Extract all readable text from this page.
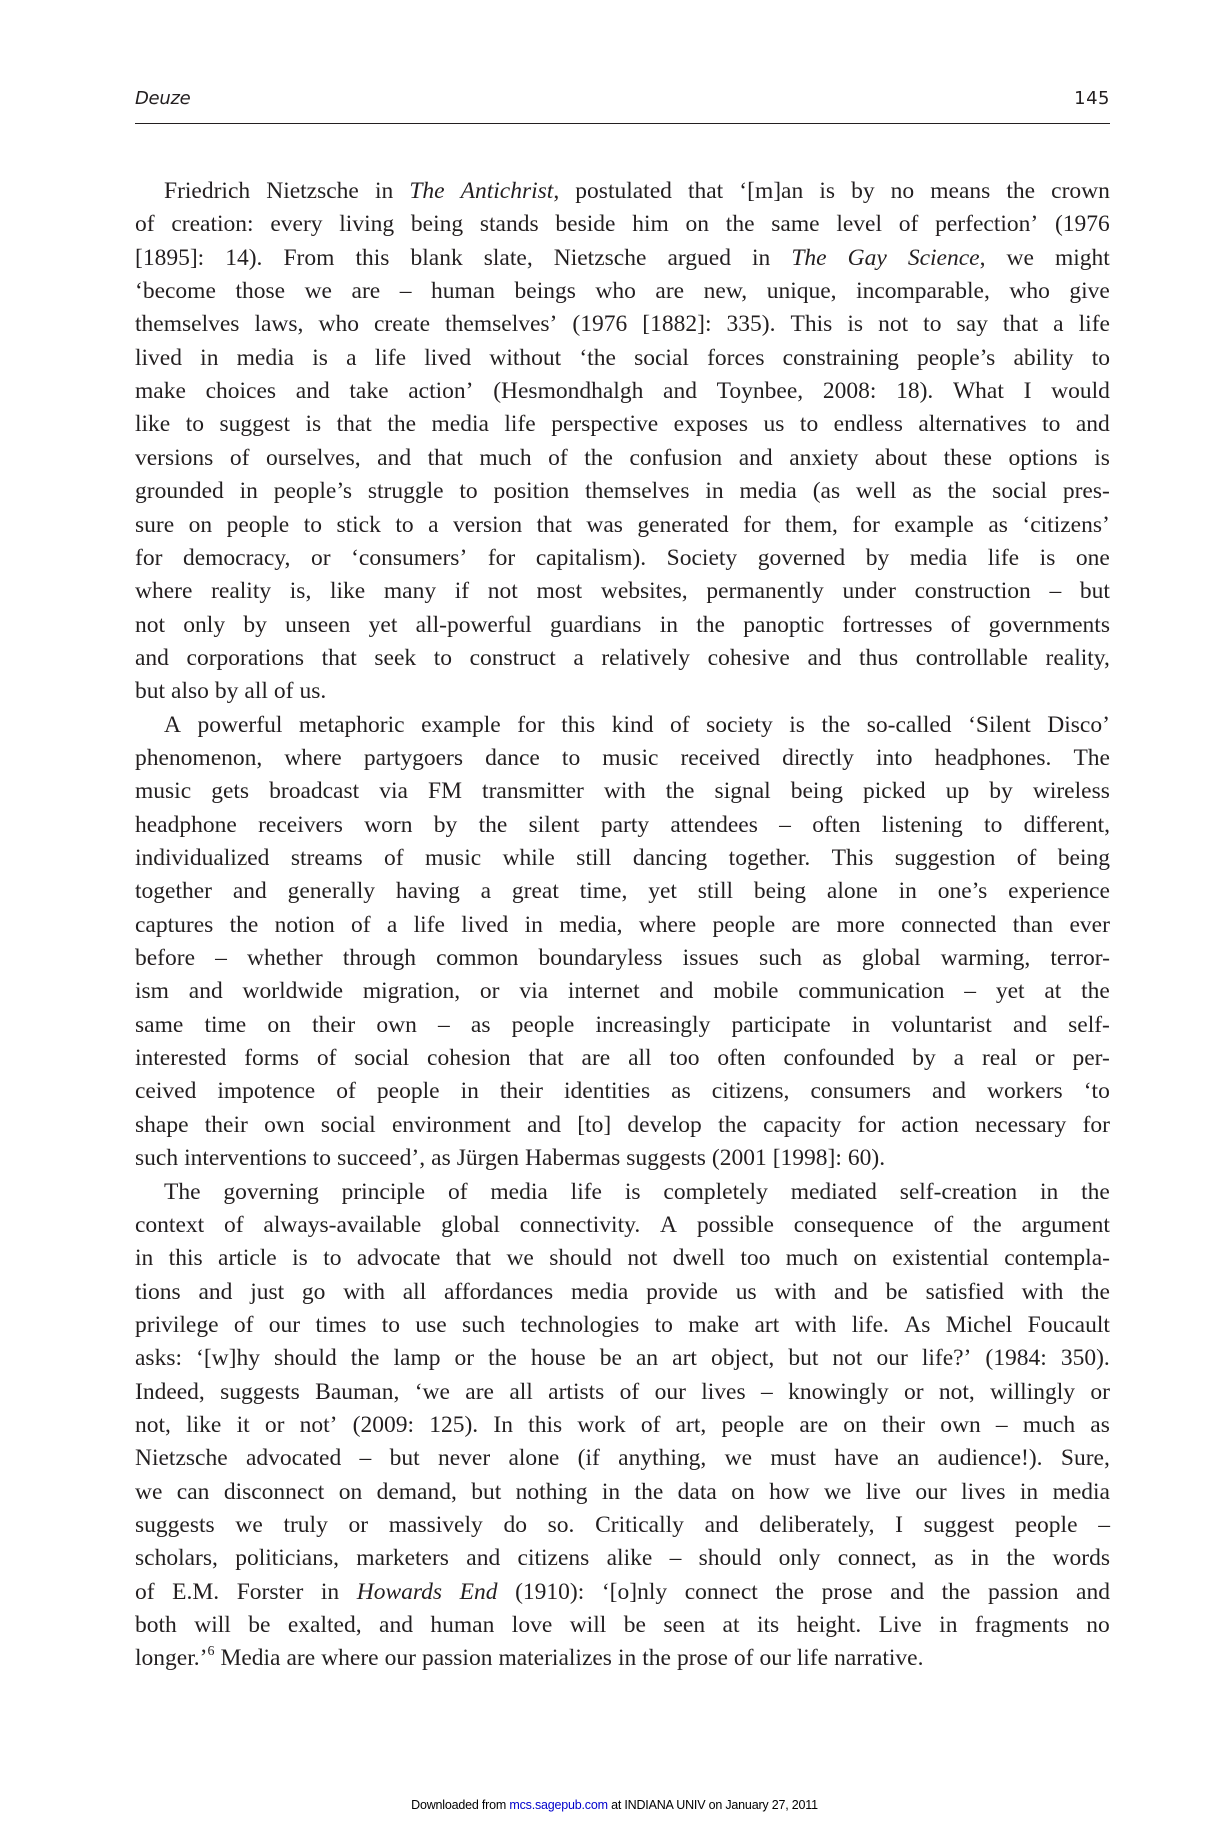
Deuze	145
Friedrich Nietzsche in The Antichrist, postulated that ‘[m]an is by no means the crown
of creation: every living being stands beside him on the same level of perfection’ (1976
[1895]: 14). From this blank slate, Nietzsche argued in The Gay Science, we might
‘become those we are – human beings who are new, unique, incomparable, who give
themselves laws, who create themselves’ (1976 [1882]: 335). This is not to say that a life
lived in media is a life lived without ‘the social forces constraining people’s ability to
make choices and take action’ (Hesmondhalgh and Toynbee, 2008: 18). What I would
like to suggest is that the media life perspective exposes us to endless alternatives to and
versions of ourselves, and that much of the confusion and anxiety about these options is
grounded in people’s struggle to position themselves in media (as well as the social pres-
sure on people to stick to a version that was generated for them, for example as ‘citizens’
for democracy, or ‘consumers’ for capitalism). Society governed by media life is one
where reality is, like many if not most websites, permanently under construction – but
not only by unseen yet all-powerful guardians in the panoptic fortresses of governments
and corporations that seek to construct a relatively cohesive and thus controllable reality,
but also by all of us.
A powerful metaphoric example for this kind of society is the so-called ‘Silent Disco’
phenomenon, where partygoers dance to music received directly into headphones. The
music gets broadcast via FM transmitter with the signal being picked up by wireless
headphone receivers worn by the silent party attendees – often listening to different,
individualized streams of music while still dancing together. This suggestion of being
together and generally having a great time, yet still being alone in one’s experience
captures the notion of a life lived in media, where people are more connected than ever
before – whether through common boundaryless issues such as global warming, terror-
ism and worldwide migration, or via internet and mobile communication – yet at the
same time on their own – as people increasingly participate in voluntarist and self-
interested forms of social cohesion that are all too often confounded by a real or per-
ceived impotence of people in their identities as citizens, consumers and workers ‘to
shape their own social environment and [to] develop the capacity for action necessary for
such interventions to succeed’, as Jürgen Habermas suggests (2001 [1998]: 60).
The governing principle of media life is completely mediated self-creation in the
context of always-available global connectivity. A possible consequence of the argument
in this article is to advocate that we should not dwell too much on existential contempla-
tions and just go with all affordances media provide us with and be satisfied with the
privilege of our times to use such technologies to make art with life. As Michel Foucault
asks: ‘[w]hy should the lamp or the house be an art object, but not our life?’ (1984: 350).
Indeed, suggests Bauman, ‘we are all artists of our lives – knowingly or not, willingly or
not, like it or not’ (2009: 125). In this work of art, people are on their own – much as
Nietzsche advocated – but never alone (if anything, we must have an audience!). Sure,
we can disconnect on demand, but nothing in the data on how we live our lives in media
suggests we truly or massively do so. Critically and deliberately, I suggest people –
scholars, politicians, marketers and citizens alike – should only connect, as in the words
of E.M. Forster in Howards End (1910): ‘[o]nly connect the prose and the passion and
both will be exalted, and human love will be seen at its height. Live in fragments no
longer.’$^6$ Media are where our passion materializes in the prose of our life narrative.
Downloaded from mcs.sagepub.com at INDIANA UNIV on January 27, 2011
